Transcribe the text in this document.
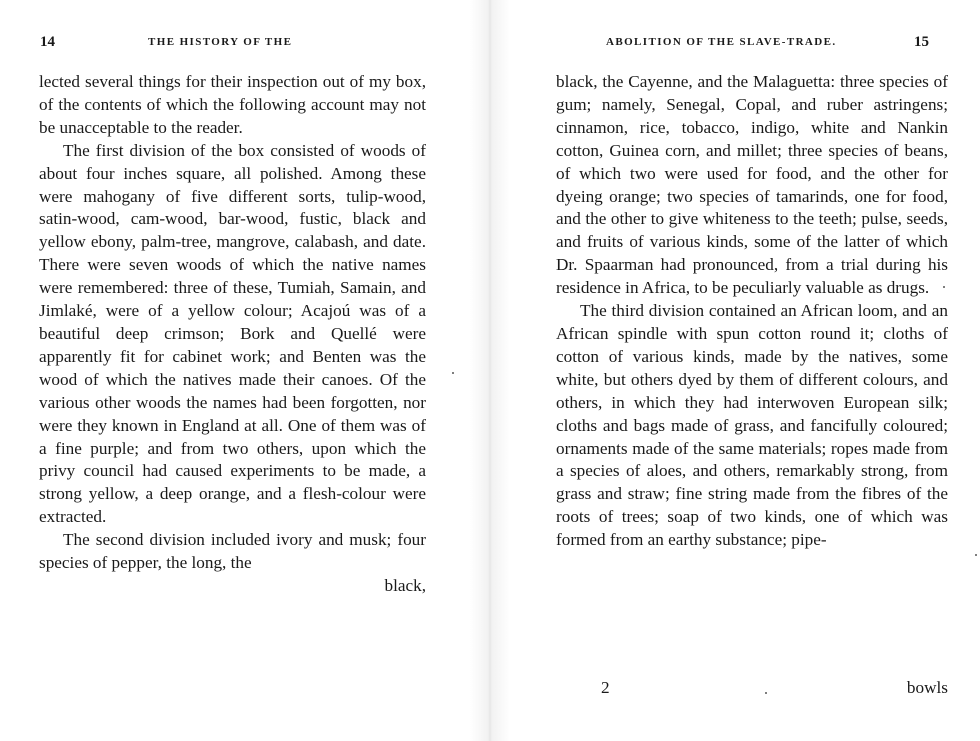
14	THE HISTORY OF THE

lected several things for their inspection out of my box, of the contents of which the following account may not be unacceptable to the reader.

The first division of the box consisted of woods of about four inches square, all polished. Among these were mahogany of five different sorts, tulip-wood, satin-wood, cam-wood, bar-wood, fustic, black and yellow ebony, palm-tree, mangrove, calabash, and date. There were seven woods of which the native names were remembered: three of these, Tumiah, Samain, and Jimlaké, were of a yellow colour; Acajoú was of a beautiful deep crimson; Bork and Quellé were apparently fit for cabinet work; and Benten was the wood of which the natives made their canoes. Of the various other woods the names had been forgotten, nor were they known in England at all. One of them was of a fine purple; and from two others, upon which the privy council had caused experiments to be made, a strong yellow, a deep orange, and a flesh-colour were extracted.

The second division included ivory and musk; four species of pepper, the long, the

black,

ABOLITION OF THE SLAVE-TRADE.	15

black, the Cayenne, and the Malaguetta: three species of gum; namely, Senegal, Copal, and ruber astringens; cinnamon, rice, tobacco, indigo, white and Nankin cotton, Guinea corn, and millet; three species of beans, of which two were used for food, and the other for dyeing orange; two species of tamarinds, one for food, and the other to give whiteness to the teeth; pulse, seeds, and fruits of various kinds, some of the latter of which Dr. Spaarman had pronounced, from a trial during his residence in Africa, to be peculiarly valuable as drugs.

The third division contained an African loom, and an African spindle with spun cotton round it; cloths of cotton of various kinds, made by the natives, some white, but others dyed by them of different colours, and others, in which they had interwoven European silk; cloths and bags made of grass, and fancifully coloured; ornaments made of the same materials; ropes made from a species of aloes, and others, remarkably strong, from grass and straw; fine string made from the fibres of the roots of trees; soap of two kinds, one of which was formed from an earthy substance; pipe-

2	bowls
